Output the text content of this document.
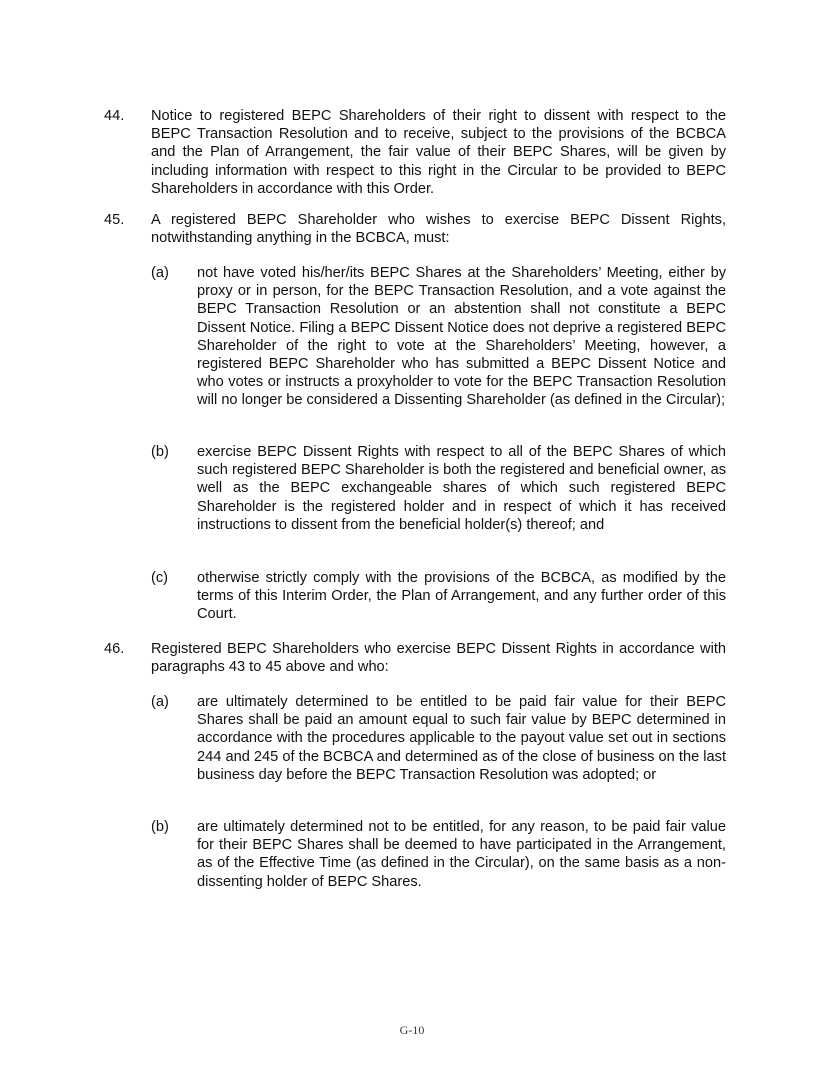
44. Notice to registered BEPC Shareholders of their right to dissent with respect to the BEPC Transaction Resolution and to receive, subject to the provisions of the BCBCA and the Plan of Arrangement, the fair value of their BEPC Shares, will be given by including information with respect to this right in the Circular to be provided to BEPC Shareholders in accordance with this Order.
45. A registered BEPC Shareholder who wishes to exercise BEPC Dissent Rights, notwithstanding anything in the BCBCA, must:
(a) not have voted his/her/its BEPC Shares at the Shareholders’ Meeting, either by proxy or in person, for the BEPC Transaction Resolution, and a vote against the BEPC Transaction Resolution or an abstention shall not constitute a BEPC Dissent Notice. Filing a BEPC Dissent Notice does not deprive a registered BEPC Shareholder of the right to vote at the Shareholders’ Meeting, however, a registered BEPC Shareholder who has submitted a BEPC Dissent Notice and who votes or instructs a proxyholder to vote for the BEPC Transaction Resolution will no longer be considered a Dissenting Shareholder (as defined in the Circular);
(b) exercise BEPC Dissent Rights with respect to all of the BEPC Shares of which such registered BEPC Shareholder is both the registered and beneficial owner, as well as the BEPC exchangeable shares of which such registered BEPC Shareholder is the registered holder and in respect of which it has received instructions to dissent from the beneficial holder(s) thereof; and
(c) otherwise strictly comply with the provisions of the BCBCA, as modified by the terms of this Interim Order, the Plan of Arrangement, and any further order of this Court.
46. Registered BEPC Shareholders who exercise BEPC Dissent Rights in accordance with paragraphs 43 to 45 above and who:
(a) are ultimately determined to be entitled to be paid fair value for their BEPC Shares shall be paid an amount equal to such fair value by BEPC determined in accordance with the procedures applicable to the payout value set out in sections 244 and 245 of the BCBCA and determined as of the close of business on the last business day before the BEPC Transaction Resolution was adopted; or
(b) are ultimately determined not to be entitled, for any reason, to be paid fair value for their BEPC Shares shall be deemed to have participated in the Arrangement, as of the Effective Time (as defined in the Circular), on the same basis as a non-dissenting holder of BEPC Shares.
G-10
